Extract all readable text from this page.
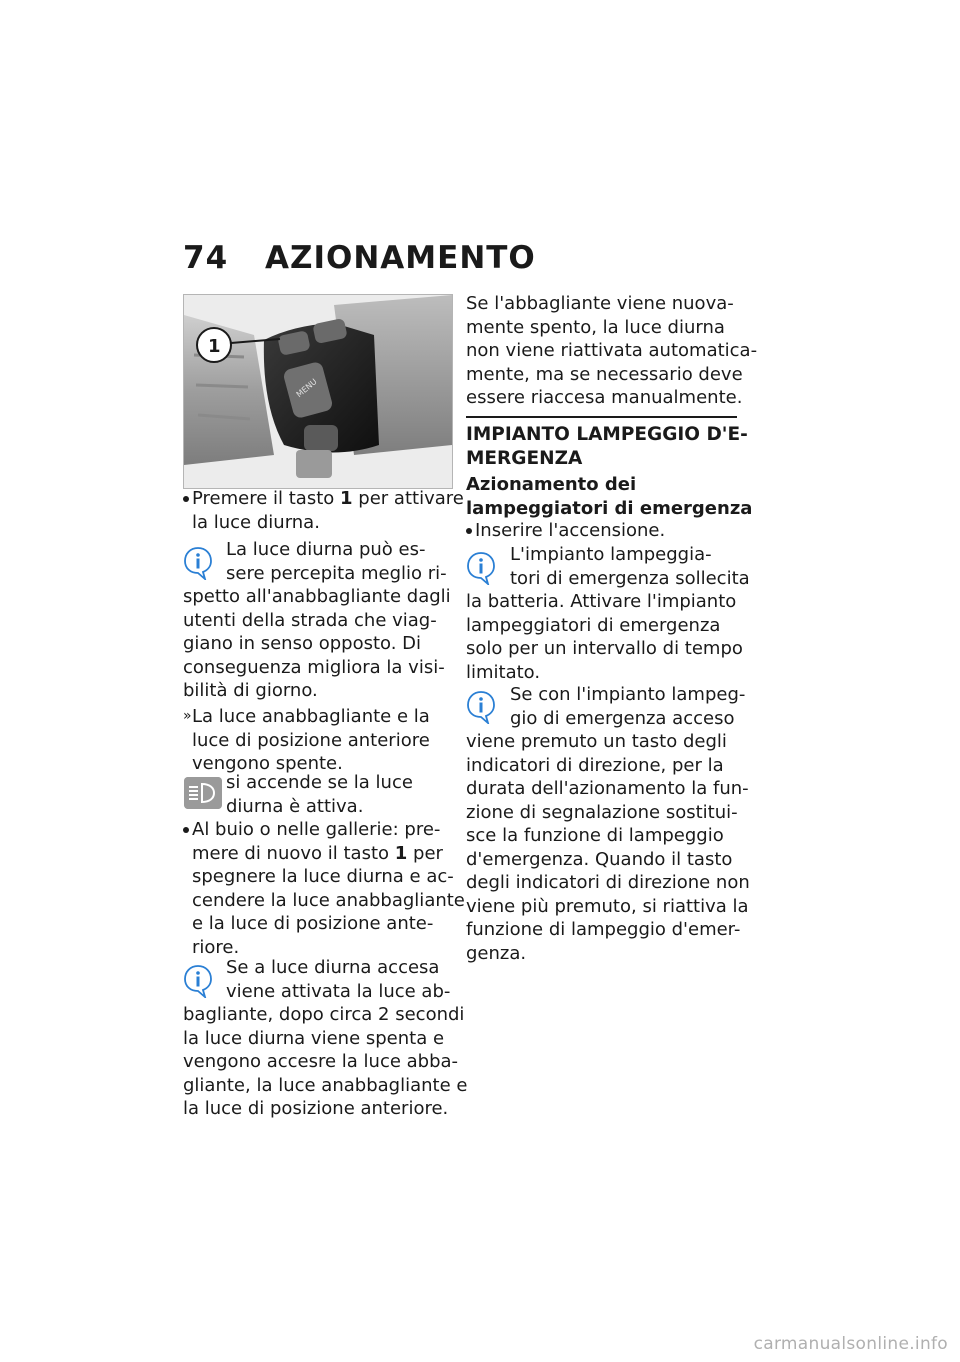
74 AZIONAMENTO
MENU
1
Premere il tasto 1 per attivare
la luce diurna.
La luce diurna può es-
sere percepita meglio ri-
spetto all'anabbagliante dagli
utenti della strada che viag-
giano in senso opposto. Di
conseguenza migliora la visi-
bilità di giorno.
» La luce anabbagliante e la
luce di posizione anteriore
vengono spente.
si accende se la luce
diurna è attiva.
Al buio o nelle gallerie: pre-
mere di nuovo il tasto 1 per
spegnere la luce diurna e ac-
cendere la luce anabbagliante
e la luce di posizione ante-
riore.
Se a luce diurna accesa
viene attivata la luce ab-
bagliante, dopo circa 2 secondi
la luce diurna viene spenta e
vengono accesre la luce abba-
gliante, la luce anabbagliante e
la luce di posizione anteriore.
Se l'abbagliante viene nuova-
mente spento, la luce diurna
non viene riattivata automatica-
mente, ma se necessario deve
essere riaccesa manualmente.
IMPIANTO LAMPEGGIO D'E-
MERGENZA
Azionamento dei
lampeggiatori di emergenza
Inserire l'accensione.
L'impianto lampeggia-
tori di emergenza sollecita
la batteria. Attivare l'impianto
lampeggiatori di emergenza
solo per un intervallo di tempo
limitato.
Se con l'impianto lampeg-
gio di emergenza acceso
viene premuto un tasto degli
indicatori di direzione, per la
durata dell'azionamento la fun-
zione di segnalazione sostitui-
sce la funzione di lampeggio
d'emergenza. Quando il tasto
degli indicatori di direzione non
viene più premuto, si riattiva la
funzione di lampeggio d'emer-
genza.
carmanualsonline.info
